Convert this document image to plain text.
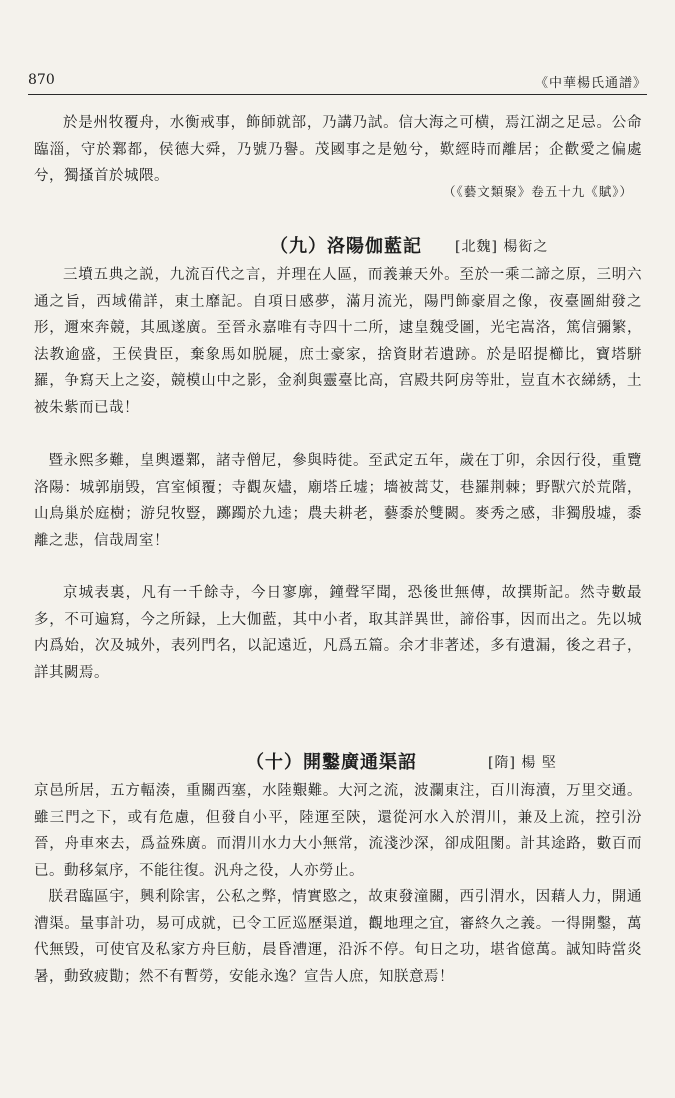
870	《中華楊氏通譜》

於是州牧覆舟，水衡戒事，飾師就部，乃講乃試。信大海之可横，焉江湖之足忌。公命臨淄，守於鄴都，侯德大舜，乃號乃譽。茂國事之是勉兮，歎經時而離居；企歡愛之偏處兮，獨搔首於城隈。

（《藝文類聚》卷五十九《賦》）
（九）洛陽伽藍記 [北魏] 楊衒之

三墳五典之説，九流百代之言，并理在人區，而義兼天外。至於一乘二諦之原，三明六通之旨，西域備詳，東土靡記。自項日感夢，滿月流光，陽門飾豪眉之像，夜臺圖紺發之形，邇來奔競，其風遂廣。至晉永嘉唯有寺四十二所，逮皇魏受圖，光宅嵩洛，篤信彌繁，法教逾盛，王侯貴臣，棄象馬如脱屣，庶士豪家，捨資財若遺跡。於是昭提櫛比，寶塔駢羅，争寫天上之姿，競模山中之影，金刹與靈臺比高，宫殿共阿房等壯，豈直木衣綈綉，土被朱紫而已哉！

暨永熙多難，皇輿遷鄴，諸寺僧尼，參與時徙。至武定五年，歲在丁卯，余因行役，重覽洛陽：城郭崩毁，宫室傾覆；寺觀灰燼，廟塔丘墟；墻被蒿艾，巷羅荆棘；野獸穴於荒階，山鳥巢於庭樹；游兒牧豎，躑躅於九逵；農夫耕老，藝黍於雙闕。麥秀之感，非獨殷墟，黍離之悲，信哉周室！

京城表裏，凡有一千餘寺，今日寥廓，鐘聲罕聞，恐後世無傳，故撰斯記。然寺數最多，不可遍寫，今之所録，上大伽藍，其中小者，取其詳異世，諦俗事，因而出之。先以城内爲始，次及城外，表列門名，以記遠近，凡爲五篇。余才非著述，多有遺漏，後之君子，詳其闕焉。

（十）開鑿廣通渠詔	[隋] 楊 堅

京邑所居，五方輻湊，重關西塞，水陸艱難。大河之流，波瀾東注，百川海瀆，万里交通。雖三門之下，或有危慮，但發自小平，陸運至陝，還從河水入於渭川，兼及上流，控引汾晉，舟車來去，爲益殊廣。而渭川水力大小無常，流淺沙深，卻成阻閡。計其途路，數百而已。動移氣序，不能往復。汎舟之役，人亦勞止。

朕君臨區宇，興利除害，公私之弊，情實愍之，故東發潼關，西引渭水，因藉人力，開通漕渠。量事計功，易可成就，已令工匠巡歷渠道，觀地理之宜，審終久之義。一得開鑿，萬代無毁，可使官及私家方舟巨舫，晨昏漕運，沿泝不停。旬日之功，堪省億萬。誠知時當炎暑，動致疲勩；然不有暫勞，安能永逸？宣告人庶，知朕意焉！
